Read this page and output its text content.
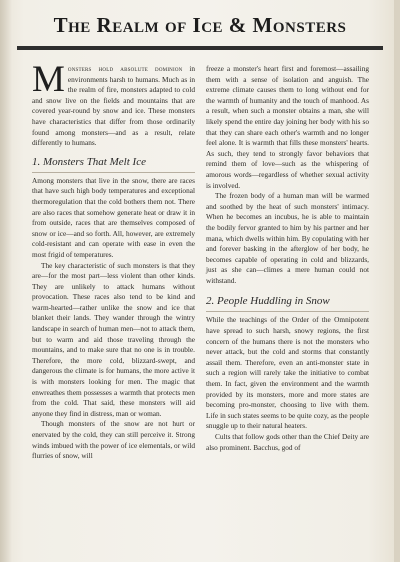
The Realm of Ice & Monsters

Monsters hold absolute dominion in environments harsh to humans. Much as in the realm of fire, monsters adapted to cold and snow live on the fields and mountains that are covered year-round by snow and ice. These monsters have characteristics that differ from those ordinarily found among monsters—and as a result, relate differently to humans.

1. Monsters That Melt Ice

Among monsters that live in the snow, there are races that have such high body temperatures and exceptional thermoregulation that the cold bothers them not. There are also races that somehow generate heat or draw it in from outside, races that are themselves composed of snow or ice—and so forth. All, however, are extremely cold-resistant and can operate with ease in even the most frigid of temperatures.

The key characteristic of such monsters is that they are—for the most part—less violent than other kinds. They are unlikely to attack humans without provocation. These races also tend to be kind and warm-hearted—rather unlike the snow and ice that blanket their lands. They wander through the wintry landscape in search of human men—not to attack them, but to warm and aid those traveling through the mountains, and to make sure that no one is in trouble. Therefore, the more cold, blizzard-swept, and dangerous the climate is for humans, the more active it is with monsters looking for men. The magic that enwreathes them possesses a warmth that protects men from the cold. That said, these monsters will aid anyone they find in distress, man or woman.

Though monsters of the snow are not hurt or enervated by the cold, they can still perceive it. Strong winds imbued with the power of ice elementals, or wild flurries of snow, will

freeze a monster's heart first and foremost—assailing them with a sense of isolation and anguish. The extreme climate causes them to long without end for the warmth of humanity and the touch of manhood. As a result, when such a monster obtains a man, she will likely spend the entire day joining her body with his so that they can share each other's warmth and no longer feel alone. It is warmth that fills these monsters' hearts. As such, they tend to strongly favor behaviors that remind them of love—such as the whispering of amorous words—regardless of whether sexual activity is involved.

The frozen body of a human man will be warmed and soothed by the heat of such monsters' intimacy. When he becomes an incubus, he is able to maintain the bodily fervor granted to him by his partner and her mana, which dwells within him. By copulating with her and forever basking in the afterglow of her body, he becomes capable of operating in cold and blizzards, just as she can—climes a mere human could not withstand.

2. People Huddling in Snow

While the teachings of the Order of the Omnipotent have spread to such harsh, snowy regions, the first concern of the humans there is not the monsters who never attack, but the cold and storms that constantly assail them. Therefore, even an anti-monster state in such a region will rarely take the initiative to combat them. In fact, given the environment and the warmth provided by its monsters, more and more states are becoming pro-monster, choosing to live with them. Life in such states seems to be quite cozy, as the people snuggle up to their natural heaters.

Cults that follow gods other than the Chief Deity are also prominent. Bacchus, god of
